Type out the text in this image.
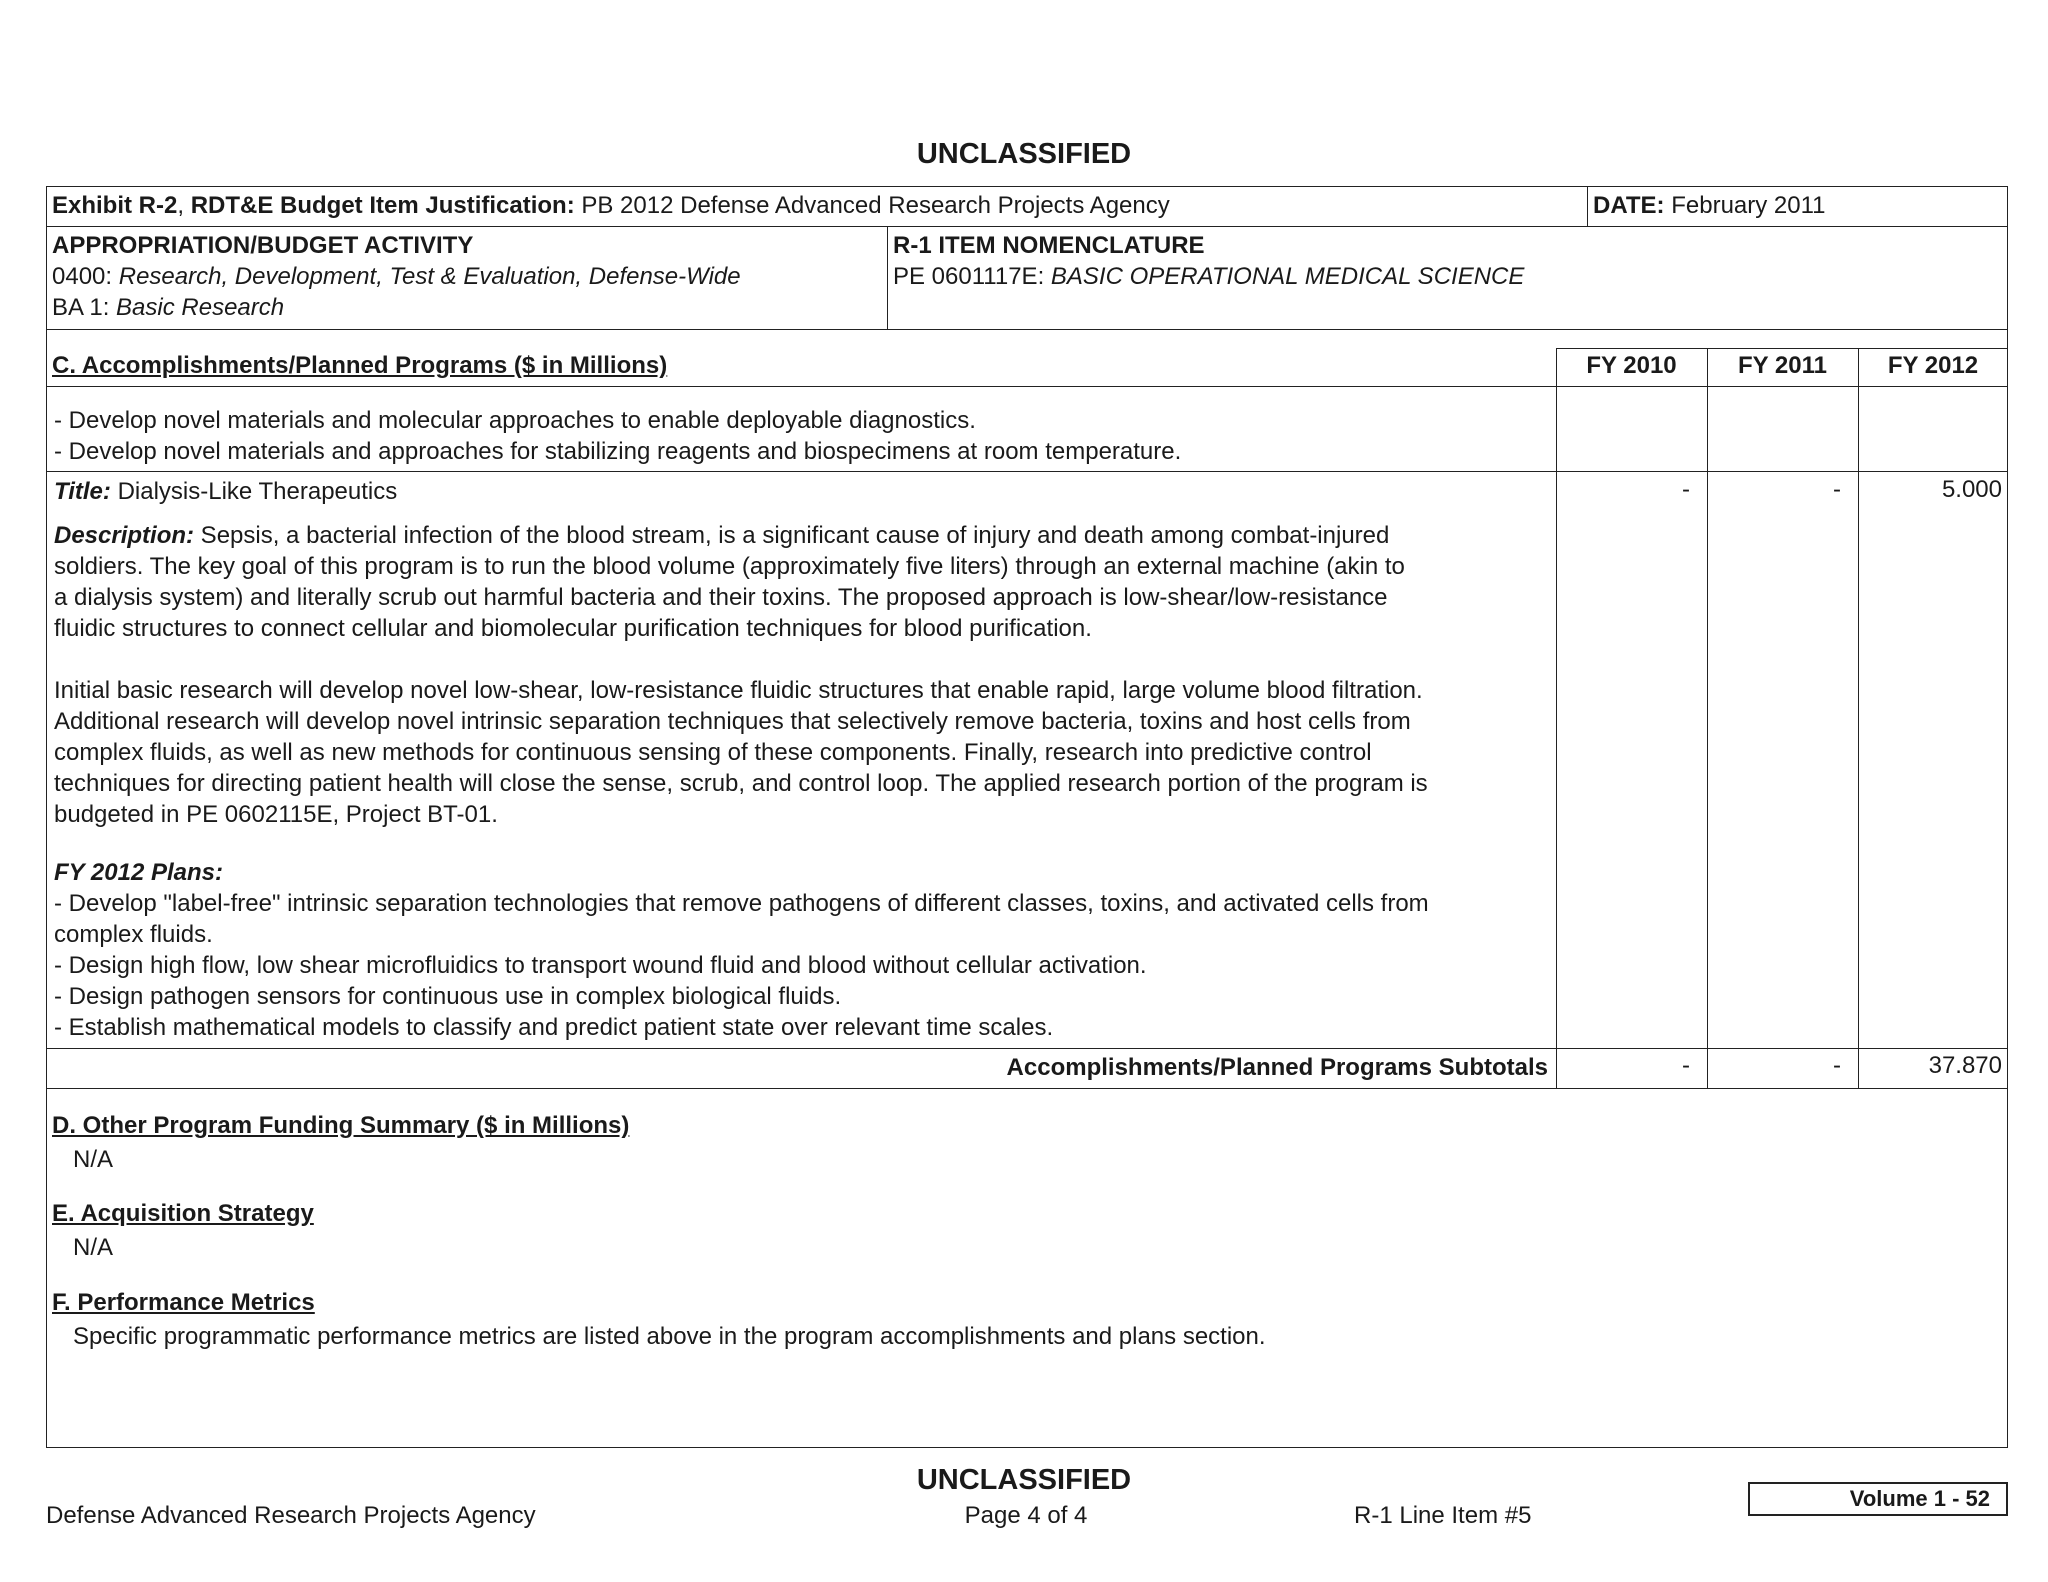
UNCLASSIFIED
Exhibit R-2, RDT&E Budget Item Justification: PB 2012 Defense Advanced Research Projects Agency	DATE: February 2011
APPROPRIATION/BUDGET ACTIVITY
0400: Research, Development, Test & Evaluation, Defense-Wide
BA 1: Basic Research
R-1 ITEM NOMENCLATURE
PE 0601117E: BASIC OPERATIONAL MEDICAL SCIENCE
C. Accomplishments/Planned Programs ($ in Millions)	FY 2010	FY 2011	FY 2012
- Develop novel materials and molecular approaches to enable deployable diagnostics.
- Develop novel materials and approaches for stabilizing reagents and biospecimens at room temperature.
Title: Dialysis-Like Therapeutics	-	-	5.000
Description: Sepsis, a bacterial infection of the blood stream, is a significant cause of injury and death among combat-injured
soldiers. The key goal of this program is to run the blood volume (approximately five liters) through an external machine (akin to
a dialysis system) and literally scrub out harmful bacteria and their toxins. The proposed approach is low-shear/low-resistance
fluidic structures to connect cellular and biomolecular purification techniques for blood purification.
Initial basic research will develop novel low-shear, low-resistance fluidic structures that enable rapid, large volume blood filtration.
Additional research will develop novel intrinsic separation techniques that selectively remove bacteria, toxins and host cells from
complex fluids, as well as new methods for continuous sensing of these components. Finally, research into predictive control
techniques for directing patient health will close the sense, scrub, and control loop. The applied research portion of the program is
budgeted in PE 0602115E, Project BT-01.
FY 2012 Plans:
- Develop "label-free" intrinsic separation technologies that remove pathogens of different classes, toxins, and activated cells from
complex fluids.
- Design high flow, low shear microfluidics to transport wound fluid and blood without cellular activation.
- Design pathogen sensors for continuous use in complex biological fluids.
- Establish mathematical models to classify and predict patient state over relevant time scales.
Accomplishments/Planned Programs Subtotals	-	-	37.870
D. Other Program Funding Summary ($ in Millions)
N/A
E. Acquisition Strategy
N/A
F. Performance Metrics
Specific programmatic performance metrics are listed above in the program accomplishments and plans section.
UNCLASSIFIED
Defense Advanced Research Projects Agency	Page 4 of 4	R-1 Line Item #5
Volume 1 - 52
